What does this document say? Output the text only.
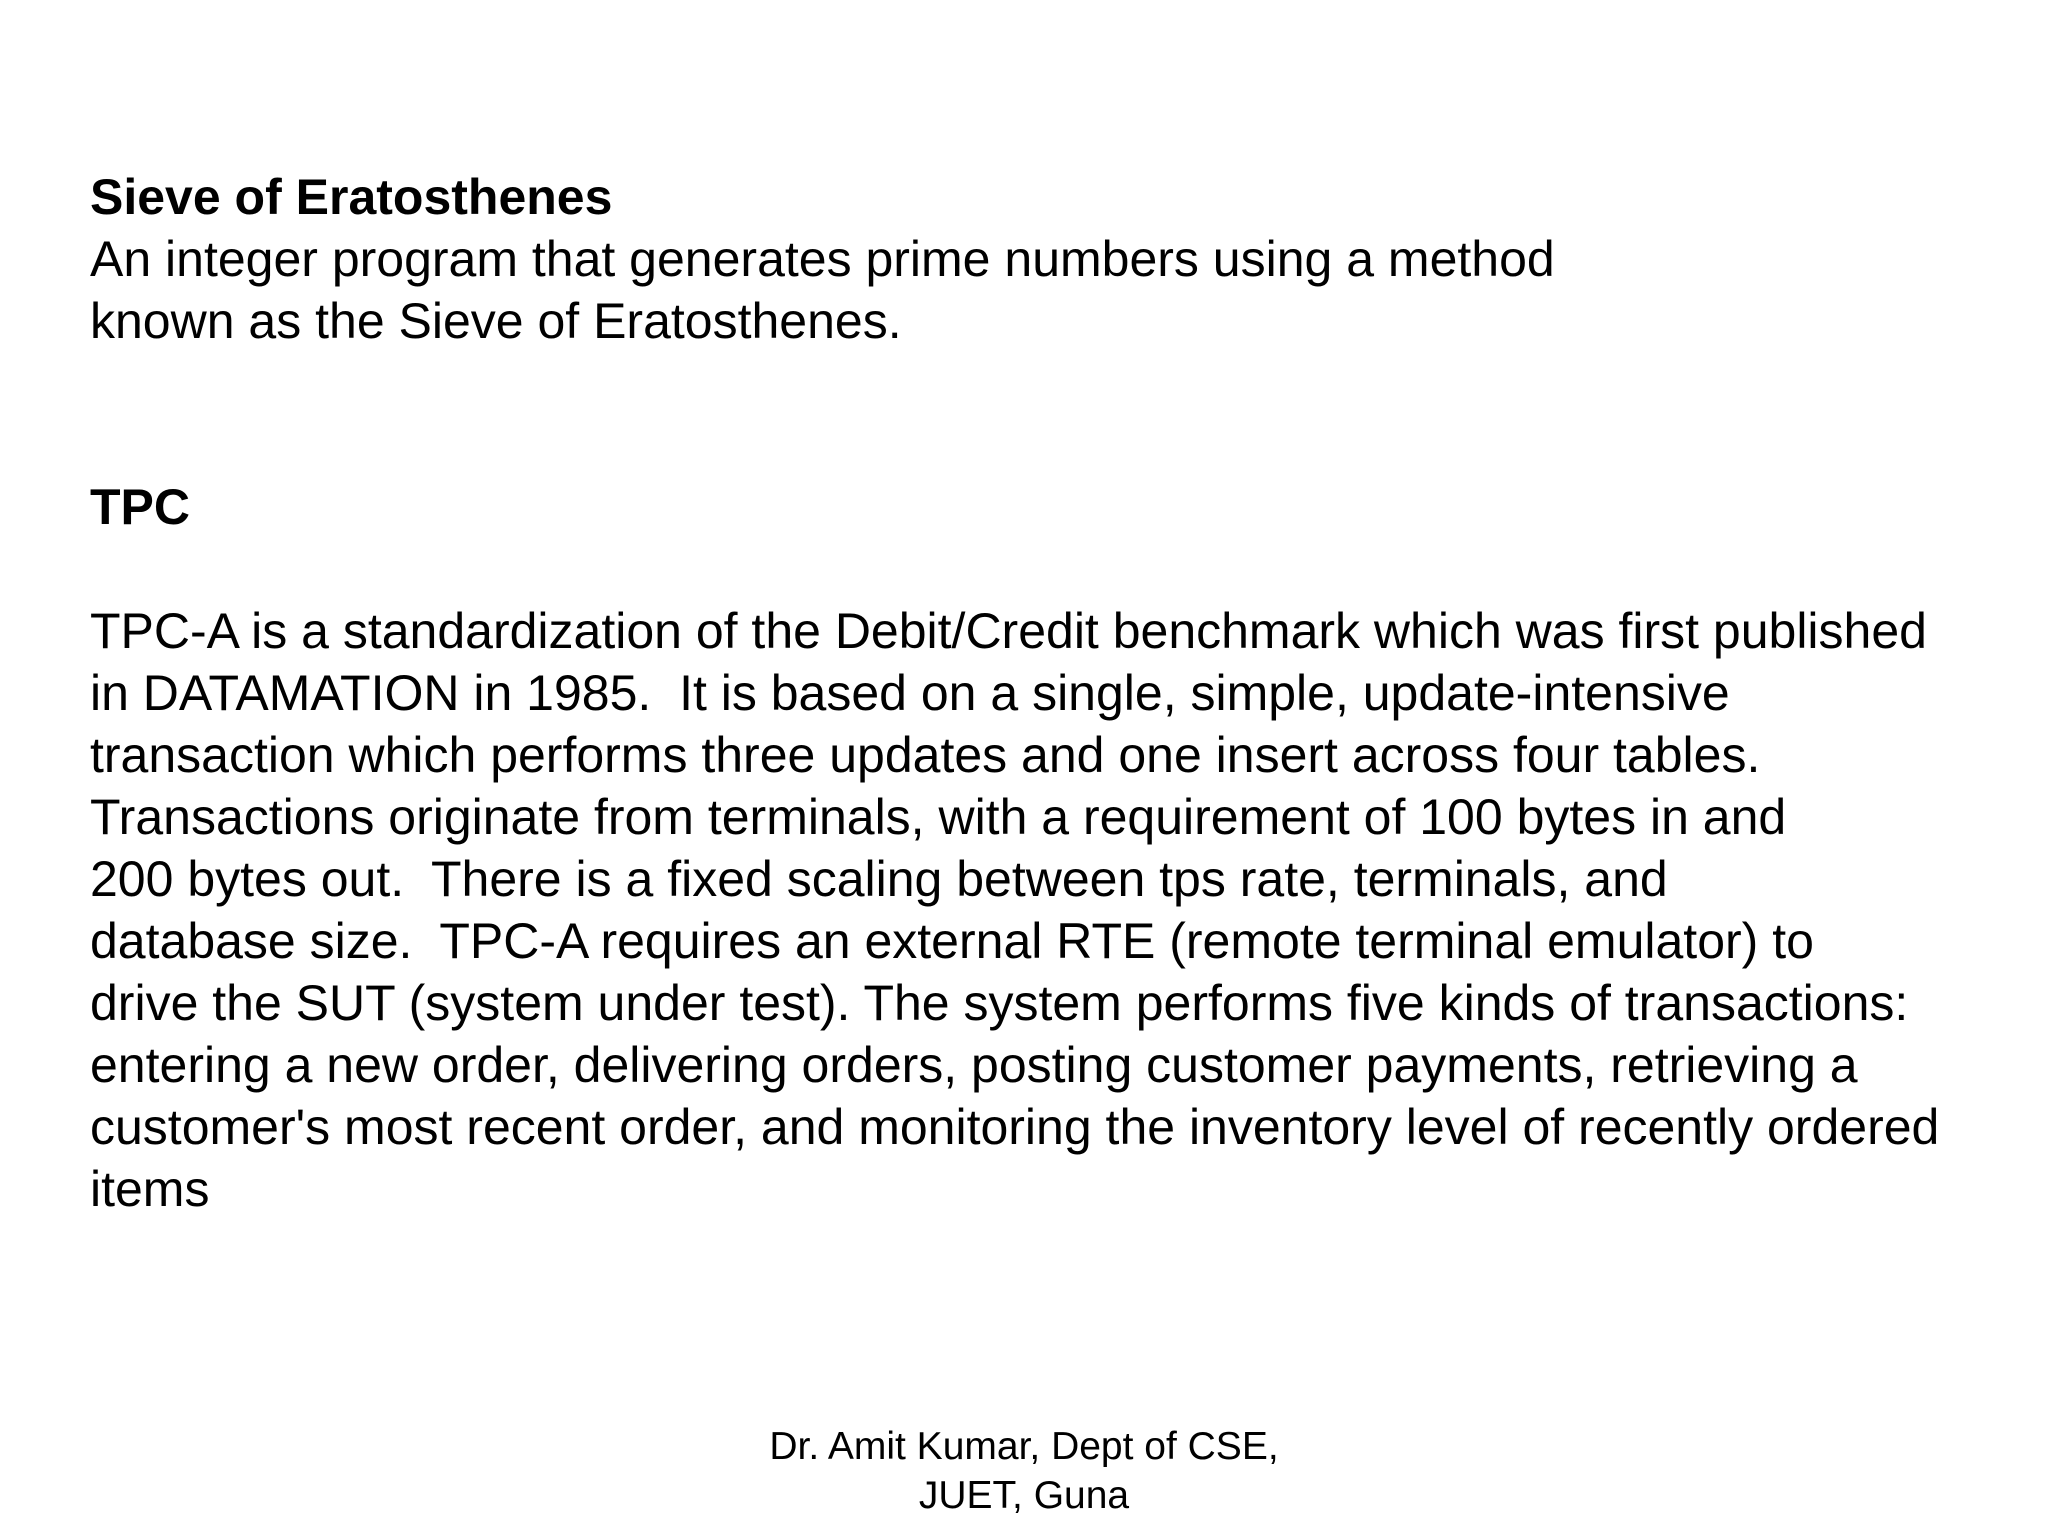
Sieve of Eratosthenes
An integer program that generates prime numbers using a method
known as the Sieve of Eratosthenes.
TPC
TPC-A is a standardization of the Debit/Credit benchmark which was first published
in DATAMATION in 1985.  It is based on a single, simple, update-intensive
transaction which performs three updates and one insert across four tables.
Transactions originate from terminals, with a requirement of 100 bytes in and
200 bytes out.  There is a fixed scaling between tps rate, terminals, and
database size.  TPC-A requires an external RTE (remote terminal emulator) to
drive the SUT (system under test). The system performs five kinds of transactions:
entering a new order, delivering orders, posting customer payments, retrieving a
customer's most recent order, and monitoring the inventory level of recently ordered
items
Dr. Amit Kumar, Dept of CSE,
JUET, Guna
